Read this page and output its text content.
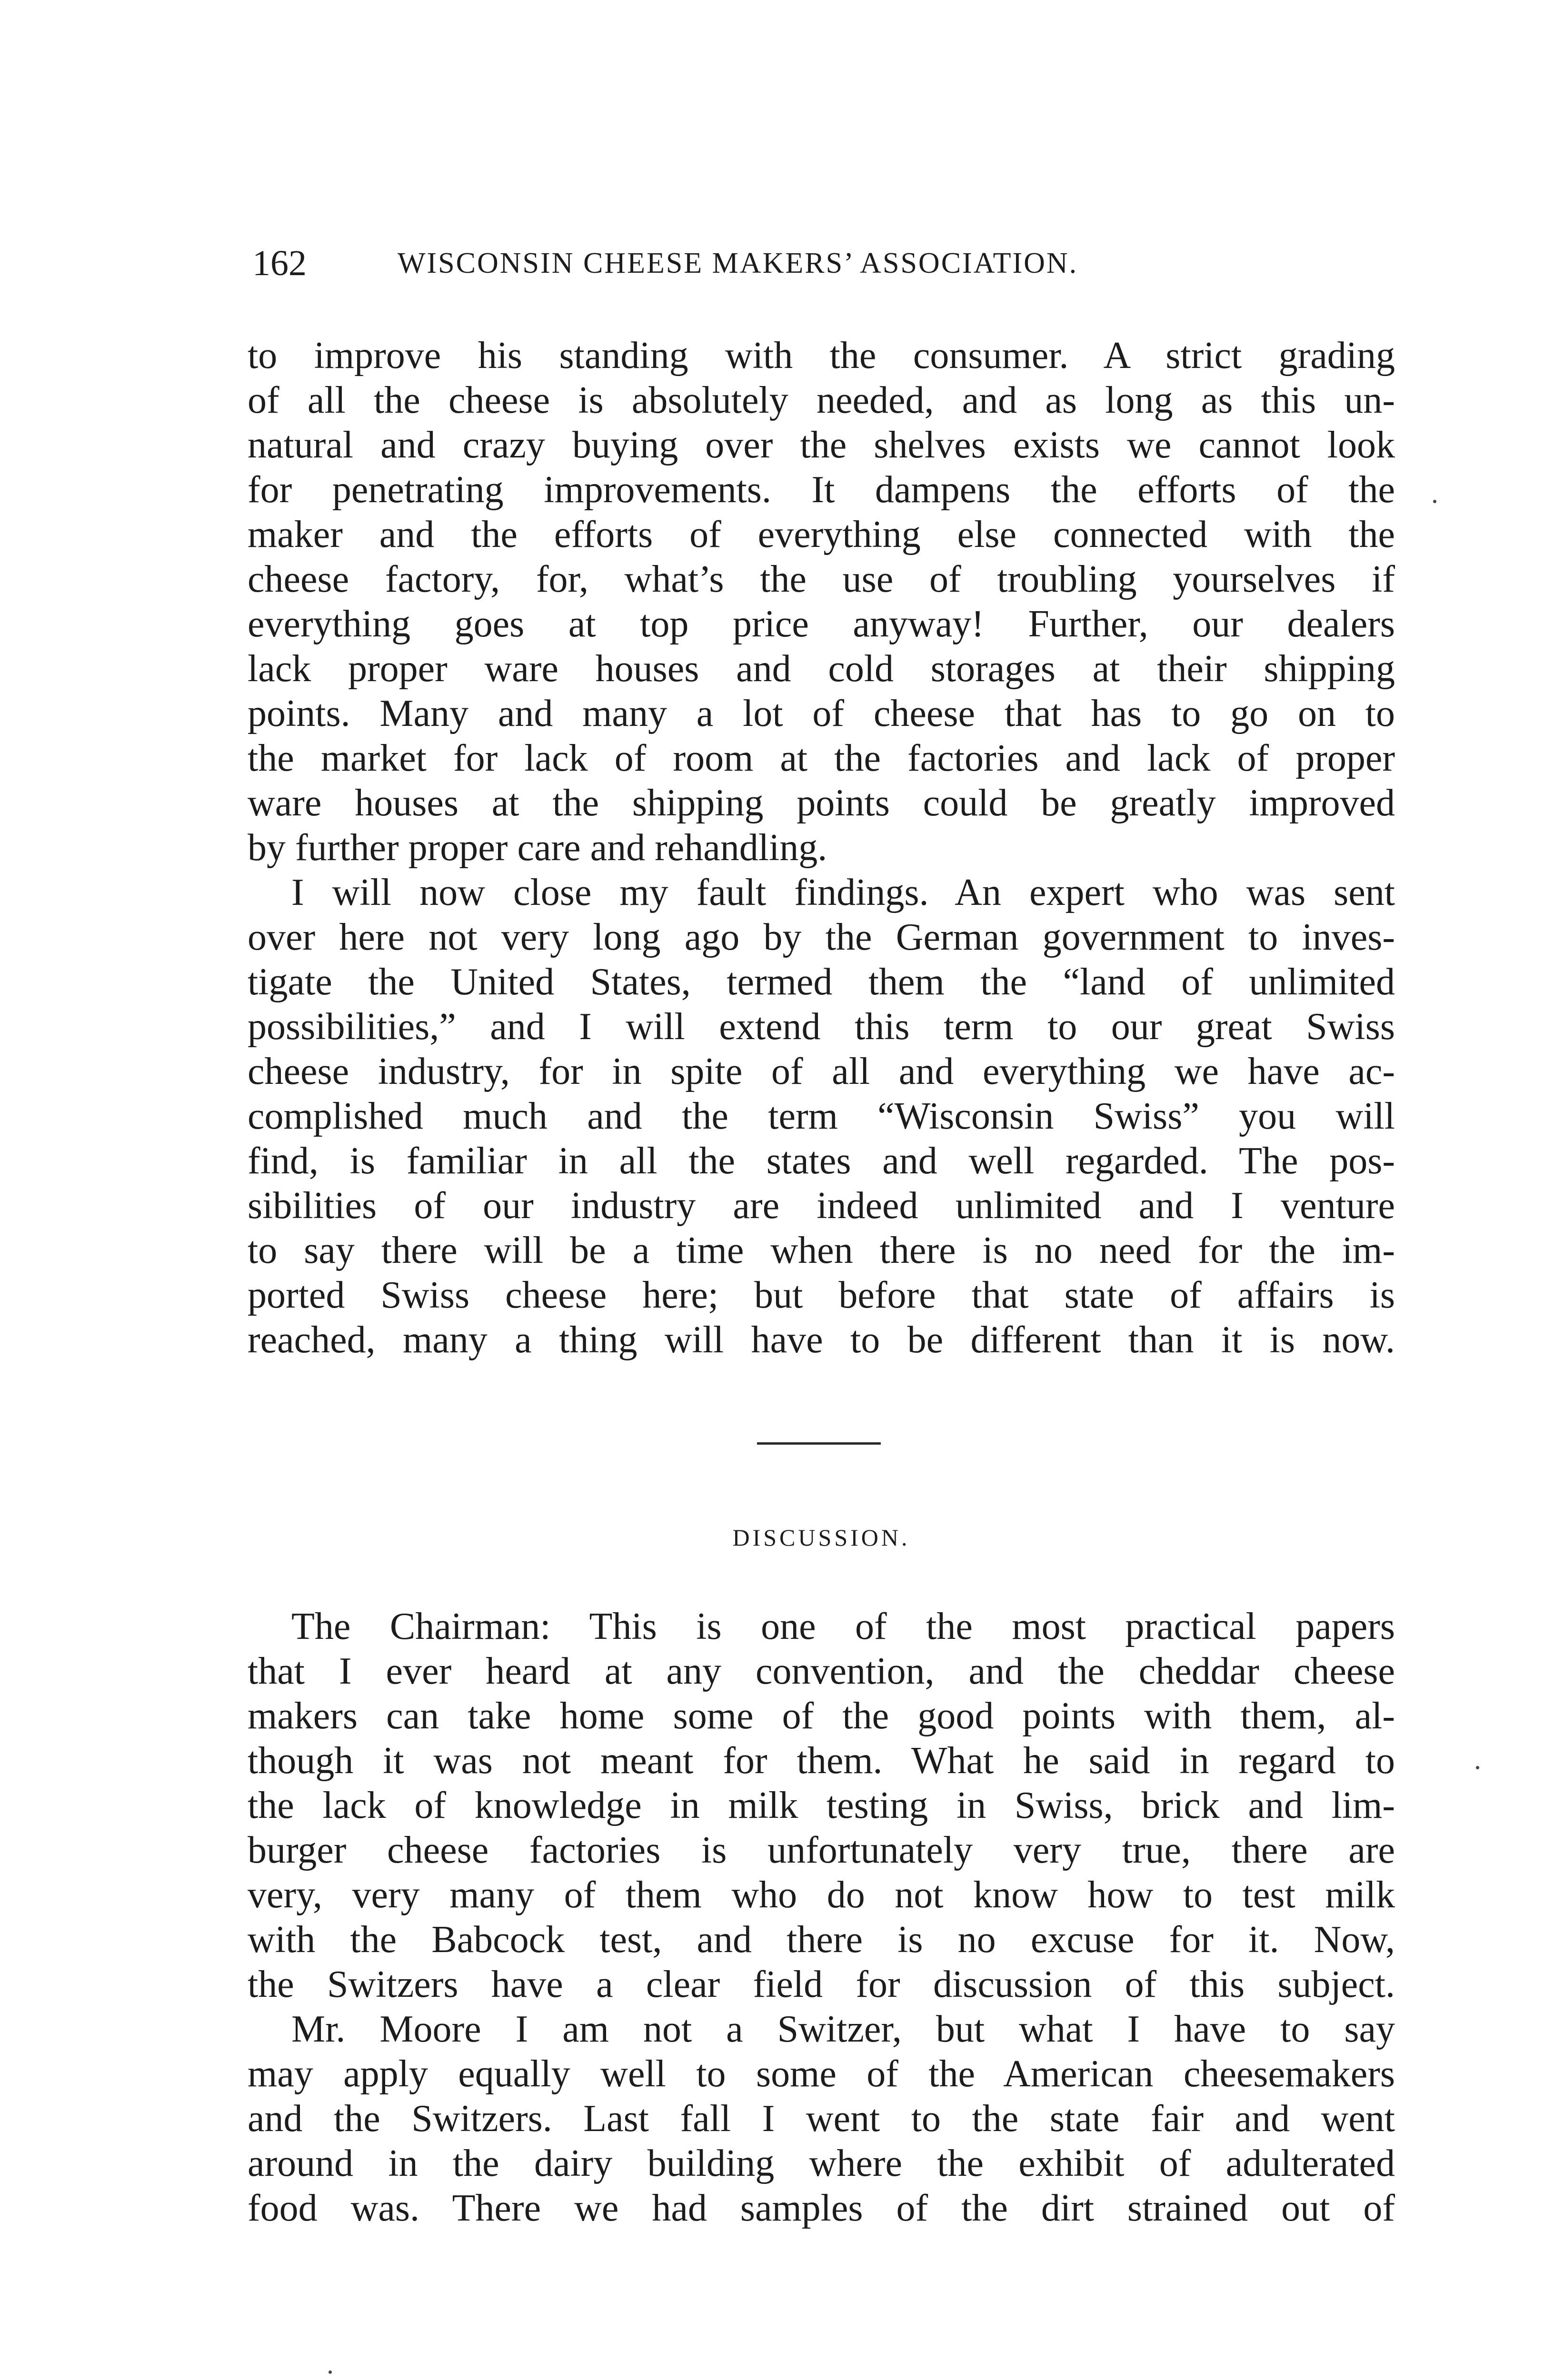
162	WISCONSIN CHEESE MAKERS’ ASSOCIATION.
to improve his standing with the consumer. A strict grading
of all the cheese is absolutely needed, and as long as this un-
natural and crazy buying over the shelves exists we cannot look
for penetrating improvements. It dampens the efforts of the
maker and the efforts of everything else connected with the
cheese factory, for, what’s the use of troubling yourselves if
everything goes at top price anyway! Further, our dealers
lack proper ware houses and cold storages at their shipping
points. Many and many a lot of cheese that has to go on to
the market for lack of room at the factories and lack of proper
ware houses at the shipping points could be greatly improved
by further proper care and rehandling.
I will now close my fault findings. An expert who was sent
over here not very long ago by the German government to inves-
tigate the United States, termed them the “land of unlimited
possibilities,” and I will extend this term to our great Swiss
cheese industry, for in spite of all and everything we have ac-
complished much and the term “Wisconsin Swiss” you will
find, is familiar in all the states and well regarded. The pos-
sibilities of our industry are indeed unlimited and I venture
to say there will be a time when there is no need for the im-
ported Swiss cheese here; but before that state of affairs is
reached, many a thing will have to be different than it is now.
DISCUSSION.
The Chairman: This is one of the most practical papers
that I ever heard at any convention, and the cheddar cheese
makers can take home some of the good points with them, al-
though it was not meant for them. What he said in regard to
the lack of knowledge in milk testing in Swiss, brick and lim-
burger cheese factories is unfortunately very true, there are
very, very many of them who do not know how to test milk
with the Babcock test, and there is no excuse for it. Now,
the Switzers have a clear field for discussion of this subject.
Mr. Moore I am not a Switzer, but what I have to say
may apply equally well to some of the American cheesemakers
and the Switzers. Last fall I went to the state fair and went
around in the dairy building where the exhibit of adulterated
food was. There we had samples of the dirt strained out of
